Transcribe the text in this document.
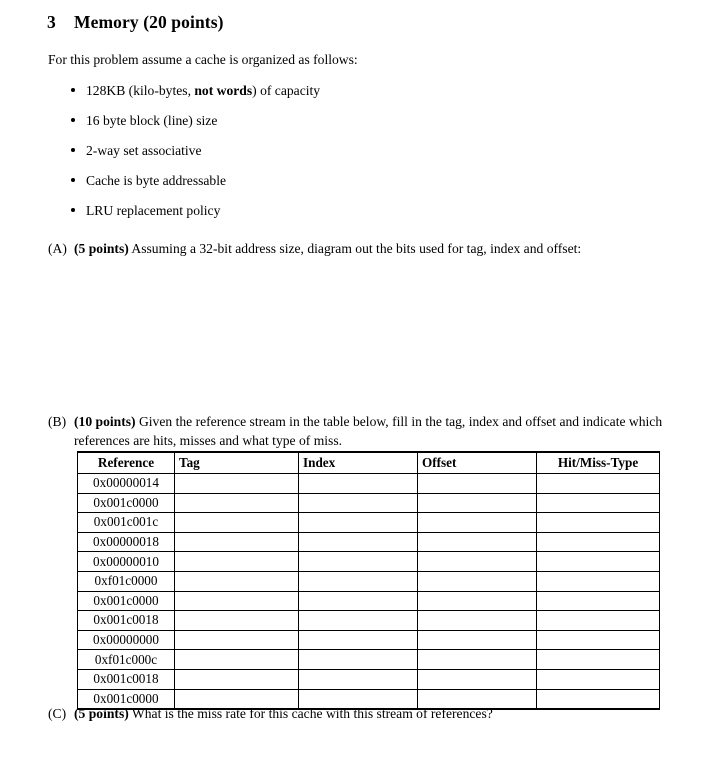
3 Memory (20 points)
For this problem assume a cache is organized as follows:
128KB (kilo-bytes, not words) of capacity
16 byte block (line) size
2-way set associative
Cache is byte addressable
LRU replacement policy
(A) (5 points) Assuming a 32-bit address size, diagram out the bits used for tag, index and offset:
(B) (10 points) Given the reference stream in the table below, fill in the tag, index and offset and indicate which references are hits, misses and what type of miss.
Reference	Tag	Index	Offset	Hit/Miss-Type
0x00000014				
0x001c0000				
0x001c001c				
0x00000018				
0x00000010				
0xf01c0000				
0x001c0000				
0x001c0018				
0x00000000				
0xf01c000c				
0x001c0018				
0x001c0000				
(C) (5 points) What is the miss rate for this cache with this stream of references?
